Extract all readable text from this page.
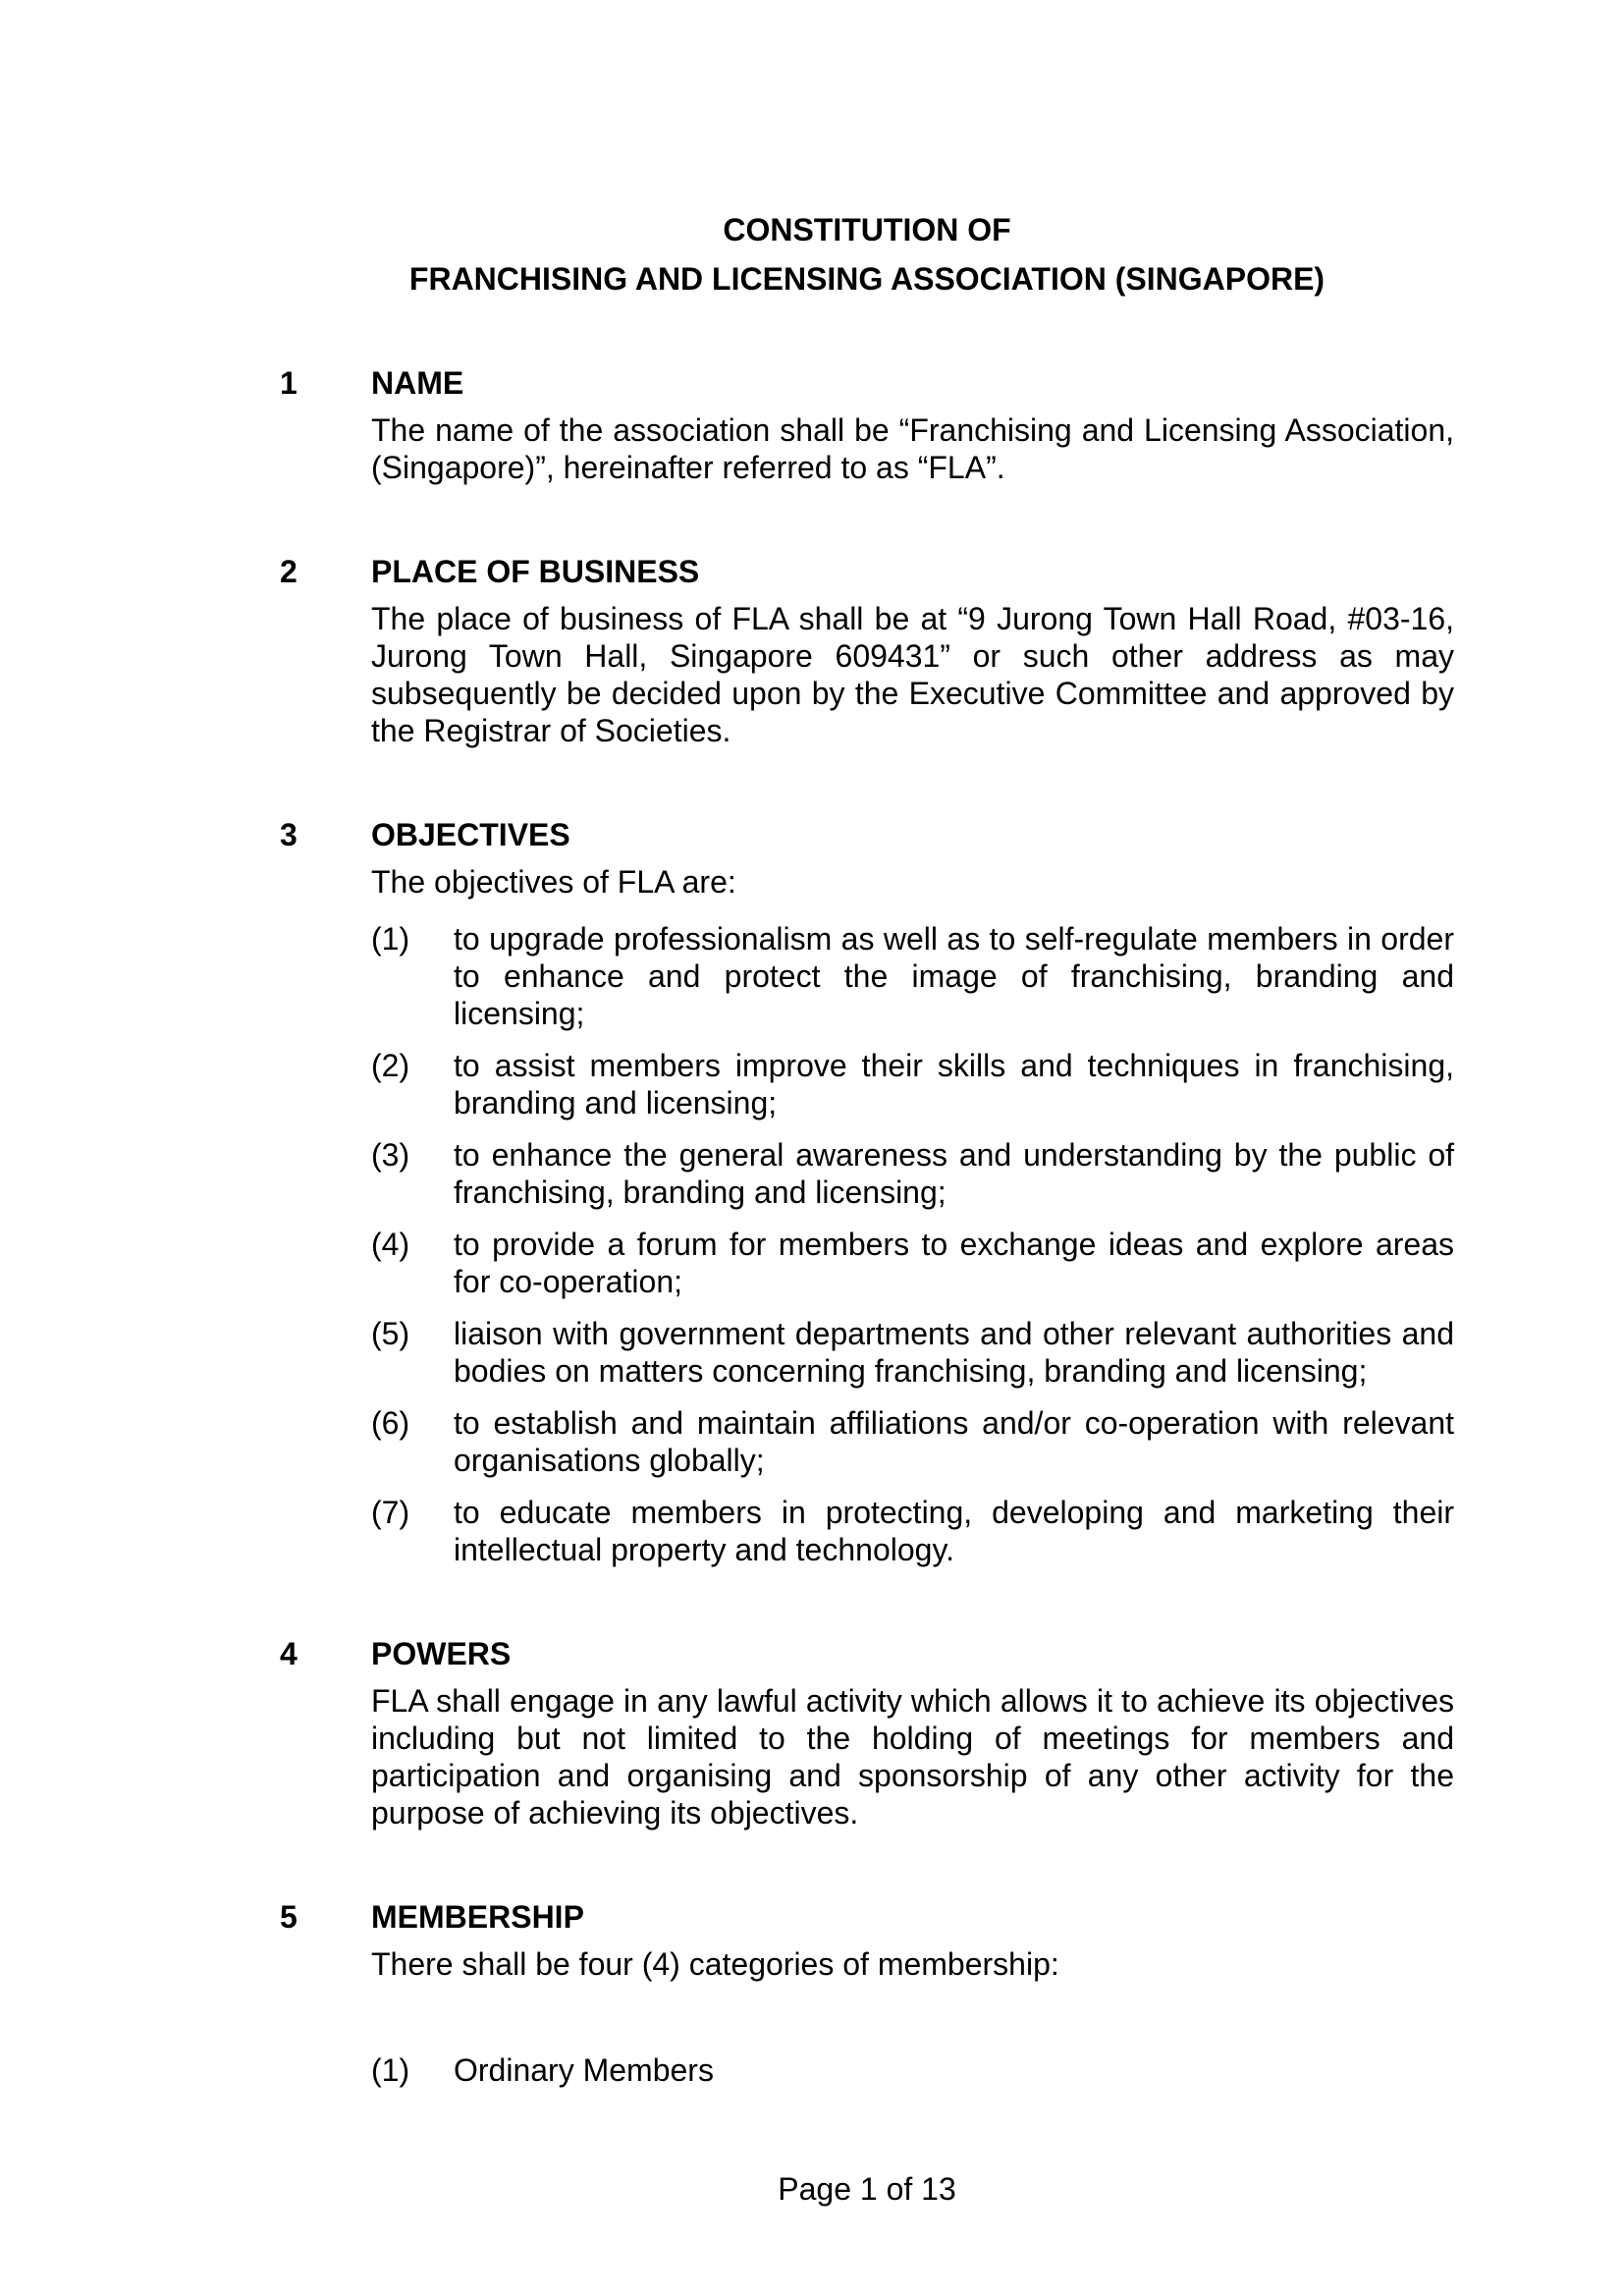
CONSTITUTION OF

FRANCHISING AND LICENSING ASSOCIATION (SINGAPORE)

1	NAME

The name of the association shall be “Franchising and Licensing Association, (Singapore)”, hereinafter referred to as “FLA”.

2	PLACE OF BUSINESS

The place of business of FLA shall be at “9 Jurong Town Hall Road, #03-16, Jurong Town Hall, Singapore 609431” or such other address as may subsequently be decided upon by the Executive Committee and approved by the Registrar of Societies.

3	OBJECTIVES

The objectives of FLA are:

(1)	to upgrade professionalism as well as to self-regulate members in order to enhance and protect the image of franchising, branding and licensing;
(2)	to assist members improve their skills and techniques in franchising, branding and licensing;
(3)	to enhance the general awareness and understanding by the public of franchising, branding and licensing;
(4)	to provide a forum for members to exchange ideas and explore areas for co-operation;
(5)	liaison with government departments and other relevant authorities and bodies on matters concerning franchising, branding and licensing;
(6)	to establish and maintain affiliations and/or co-operation with relevant organisations globally;
(7)	to educate members in protecting, developing and marketing their intellectual property and technology.
4	POWERS

FLA shall engage in any lawful activity which allows it to achieve its objectives including but not limited to the holding of meetings for members and participation and organising and sponsorship of any other activity for the purpose of achieving its objectives.

5	MEMBERSHIP

There shall be four (4) categories of membership:

(1)	Ordinary Members
Page 1 of 13
